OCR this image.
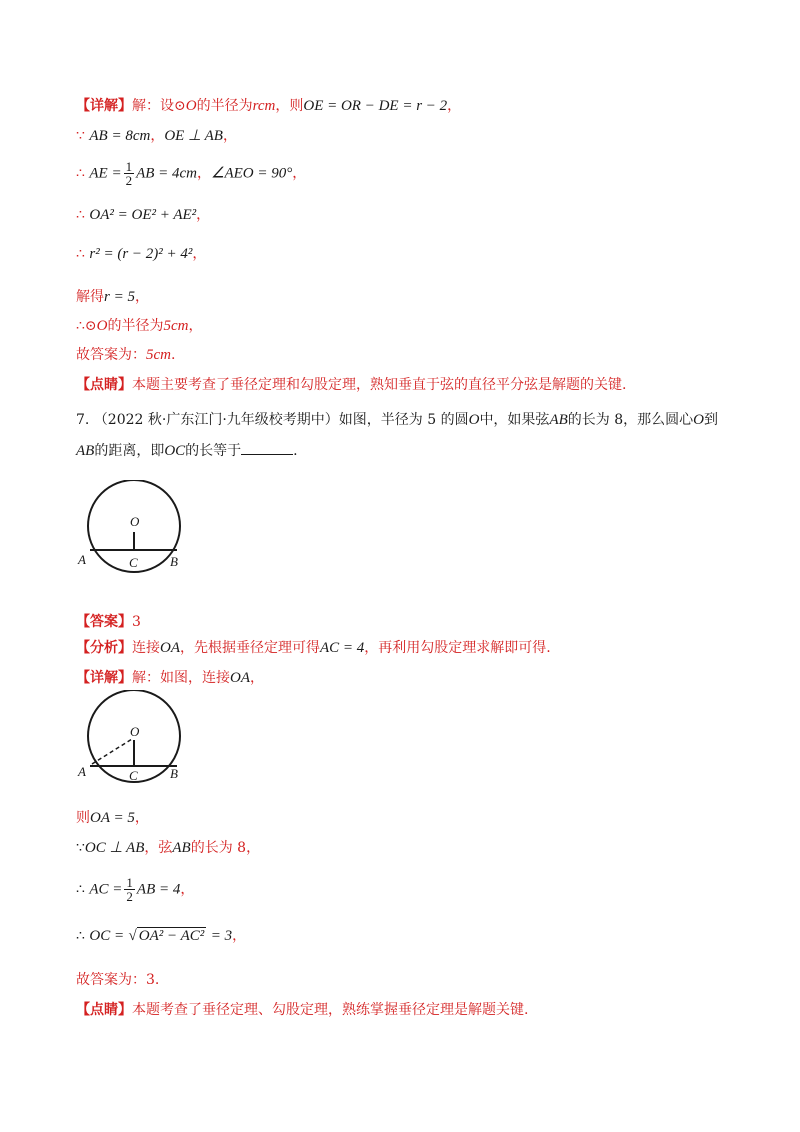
【详解】解：设⊙O的半径为rcm，则OE = OR − DE = r − 2，
∵ AB = 8cm，OE ⊥ AB，
∴ AE = $\frac{1}{2}$ AB = 4cm，∠AEO = 90°，
∴ OA² = OE² + AE²，
∴ r² = (r − 2)² + 4²，
解得r = 5，
∴⊙O的半径为5cm，
故答案为：5cm.
【点睛】本题主要考查了垂径定理和勾股定理，熟知垂直于弦的直径平分弦是解题的关键.
7. （2022 秋·广东江门·九年级校考期中）如图，半径为 5 的圆O中，如果弦AB的长为 8，那么圆心O到
AB的距离，即OC的长等于	.
O
A	B
C
【答案】3
【分析】连接OA，先根据垂径定理可得AC = 4，再利用勾股定理求解即可得.
【详解】解：如图，连接OA，
O
A	B
C
则OA = 5，
∵OC ⊥ AB，弦AB的长为 8，
∴ AC = $\frac{1}{2}$ AB = 4，
∴ OC = √ OA² − AC² = 3，
故答案为：3.
【点睛】本题考查了垂径定理、勾股定理，熟练掌握垂径定理是解题关键.
